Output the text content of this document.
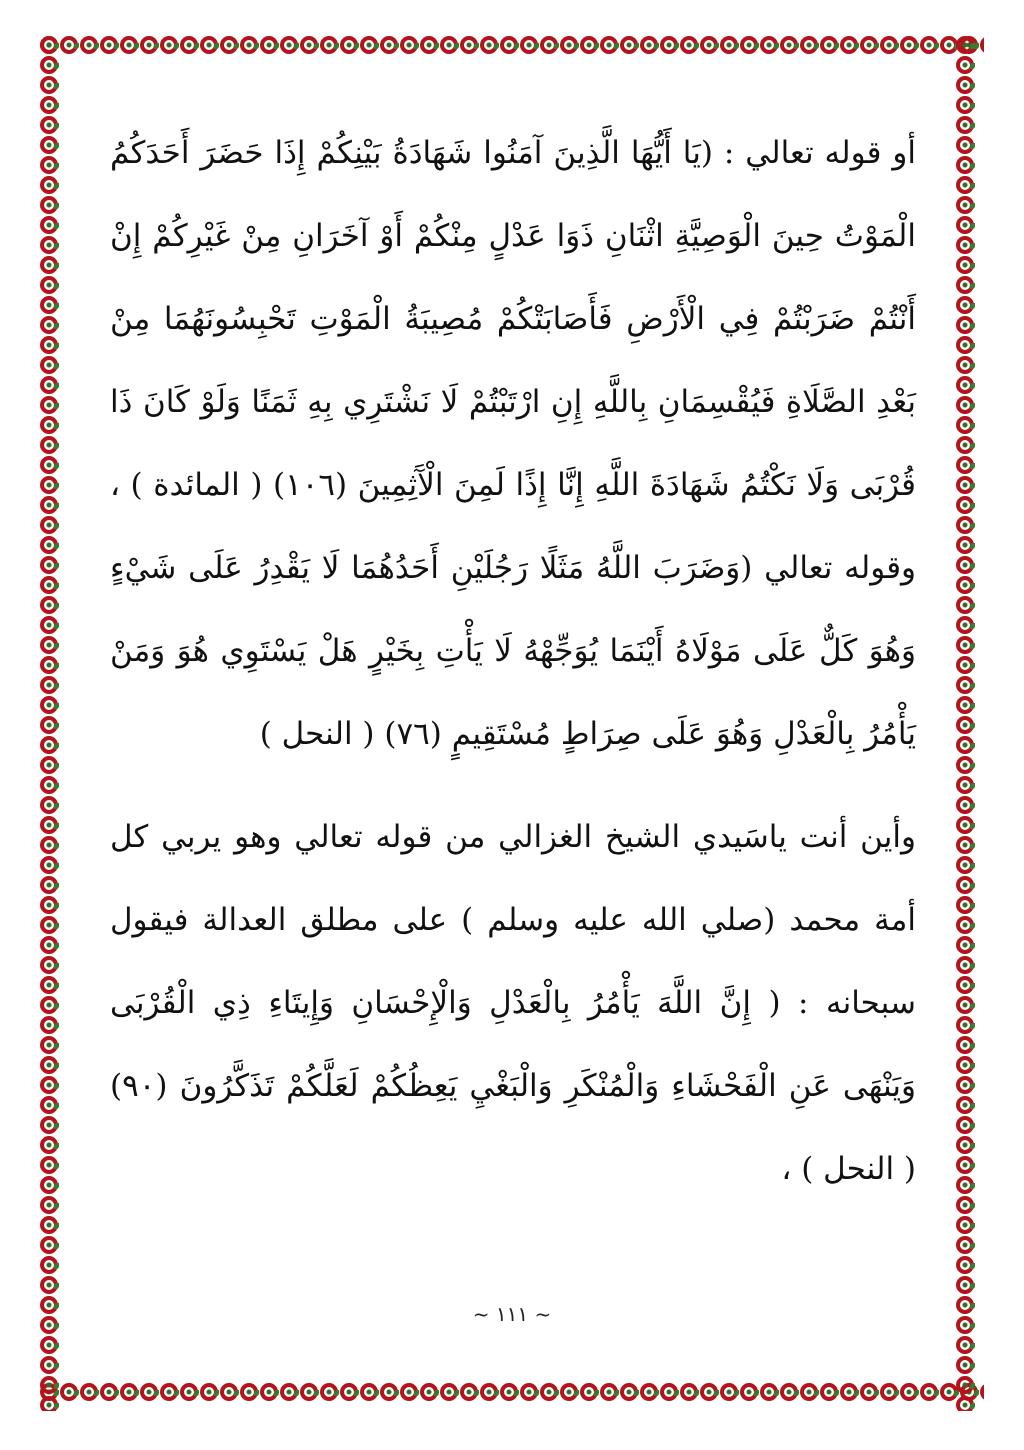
أو قوله تعالي : (يَا أَيُّهَا الَّذِينَ آمَنُوا شَهَادَةُ بَيْنِكُمْ إِذَا حَضَرَ أَحَدَكُمُ الْمَوْتُ حِينَ الْوَصِيَّةِ اثْنَانِ ذَوَا عَدْلٍ مِنْكُمْ أَوْ آخَرَانِ مِنْ غَيْرِكُمْ إِنْ أَنْتُمْ ضَرَبْتُمْ فِي الْأَرْضِ فَأَصَابَتْكُمْ مُصِيبَةُ الْمَوْتِ تَحْبِسُونَهُمَا مِنْ بَعْدِ الصَّلَاةِ فَيُقْسِمَانِ بِاللَّهِ إِنِ ارْتَبْتُمْ لَا نَشْتَرِي بِهِ ثَمَنًا وَلَوْ كَانَ ذَا قُرْبَى وَلَا نَكْتُمُ شَهَادَةَ اللَّهِ إِنَّا إِذًا لَمِنَ الْآَثِمِينَ (١٠٦) ( المائدة ) ، وقوله تعالي (وَضَرَبَ اللَّهُ مَثَلًا رَجُلَيْنِ أَحَدُهُمَا لَا يَقْدِرُ عَلَى شَيْءٍ وَهُوَ كَلٌّ عَلَى مَوْلَاهُ أَيْنَمَا يُوَجِّهْهُ لَا يَأْتِ بِخَيْرٍ هَلْ يَسْتَوِي هُوَ وَمَنْ يَأْمُرُ بِالْعَدْلِ وَهُوَ عَلَى صِرَاطٍ مُسْتَقِيمٍ (٧٦) ( النحل )

وأين أنت ياسَيدي الشيخ الغزالي من قوله تعالي وهو يربي كل أمة محمد (صلي الله عليه وسلم ) على مطلق العدالة فيقول سبحانه : ( إِنَّ اللَّهَ يَأْمُرُ بِالْعَدْلِ وَالْإِحْسَانِ وَإِيتَاءِ ذِي الْقُرْبَى وَيَنْهَى عَنِ الْفَحْشَاءِ وَالْمُنْكَرِ وَالْبَغْيِ يَعِظُكُمْ لَعَلَّكُمْ تَذَكَّرُونَ (٩٠) ( النحل ) ،

~ ١١١ ~
